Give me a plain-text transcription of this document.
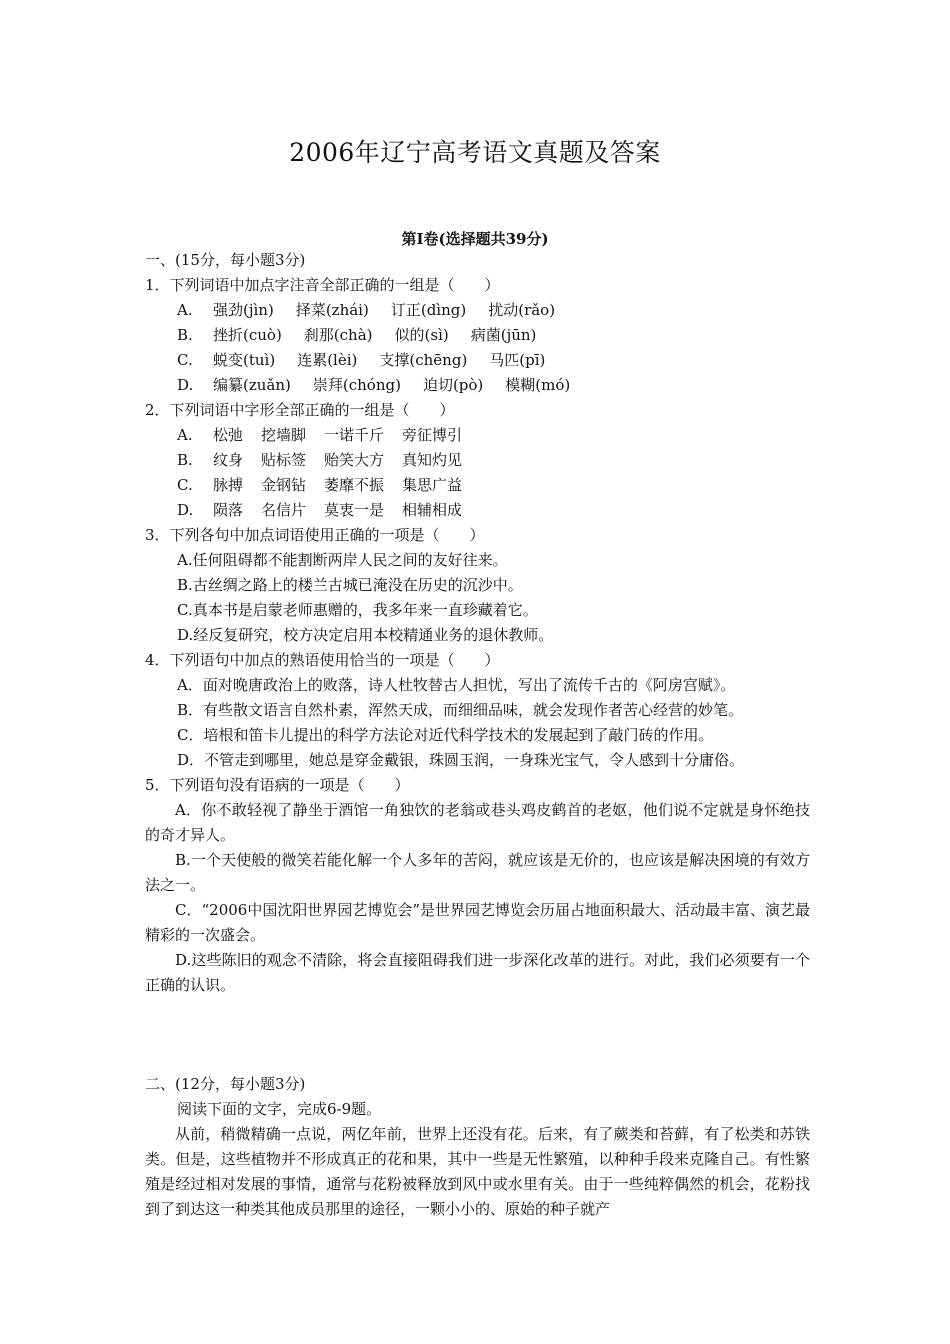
2006年辽宁高考语文真题及答案
第Ⅰ卷(选择题共39分)
一、(15分，每小题3分)
1．下列词语中加点字注音全部正确的一组是（　　）
A. 强劲(jìn) 择菜(zhái) 订正(dìng) 扰动(rǎo)
B. 挫折(cuò) 刹那(chà) 似的(sì) 病菌(jūn)
C. 蜕变(tuì) 连累(lèi) 支撑(chēng) 马匹(pī)
D. 编纂(zuǎn) 崇拜(chóng) 迫切(pò) 模糊(mó)
2．下列词语中字形全部正确的一组是（　　）
A. 松弛 挖墙脚 一诺千斤 旁征博引
B. 纹身 贴标签 贻笑大方 真知灼见
C. 脉搏 金钢钻 萎靡不振 集思广益
D. 陨落 名信片 莫衷一是 相辅相成
3．下列各句中加点词语使用正确的一项是（　　）
A.任何阻碍都不能割断两岸人民之间的友好往来。
B.古丝绸之路上的楼兰古城已淹没在历史的沉沙中。
C.真本书是启蒙老师惠赠的，我多年来一直珍藏着它。
D.经反复研究，校方决定启用本校精通业务的退休教师。
4．下列语句中加点的熟语使用恰当的一项是（　　）
A．面对晚唐政治上的败落，诗人杜牧替古人担忧，写出了流传千古的《阿房宫赋》。
B．有些散文语言自然朴素，浑然天成，而细细品味，就会发现作者苦心经营的妙笔。
C．培根和笛卡儿提出的科学方法论对近代科学技术的发展起到了敲门砖的作用。
D．不管走到哪里，她总是穿金戴银，珠圆玉润，一身珠光宝气，令人感到十分庸俗。
5．下列语句没有语病的一项是（　　）
A．你不敢轻视了静坐于酒馆一角独饮的老翁或巷头鸡皮鹤首的老妪，他们说不定就是身怀绝技的奇才异人。
B.一个天使般的微笑若能化解一个人多年的苦闷，就应该是无价的，也应该是解决困境的有效方法之一。
C．“2006中国沈阳世界园艺博览会”是世界园艺博览会历届占地面积最大、活动最丰富、演艺最精彩的一次盛会。
D.这些陈旧的观念不清除，将会直接阻碍我们进一步深化改革的进行。对此，我们必须要有一个正确的认识。
二、(12分，每小题3分)
阅读下面的文字，完成6-9题。
从前，稍微精确一点说，两亿年前，世界上还没有花。后来，有了蕨类和苔藓，有了松类和苏铁类。但是，这些植物并不形成真正的花和果，其中一些是无性繁殖，以种种手段来克隆自己。有性繁殖是经过相对发展的事情，通常与花粉被释放到风中或水里有关。由于一些纯粹偶然的机会，花粉找到了到达这一种类其他成员那里的途径，一颗小小的、原始的种子就产
